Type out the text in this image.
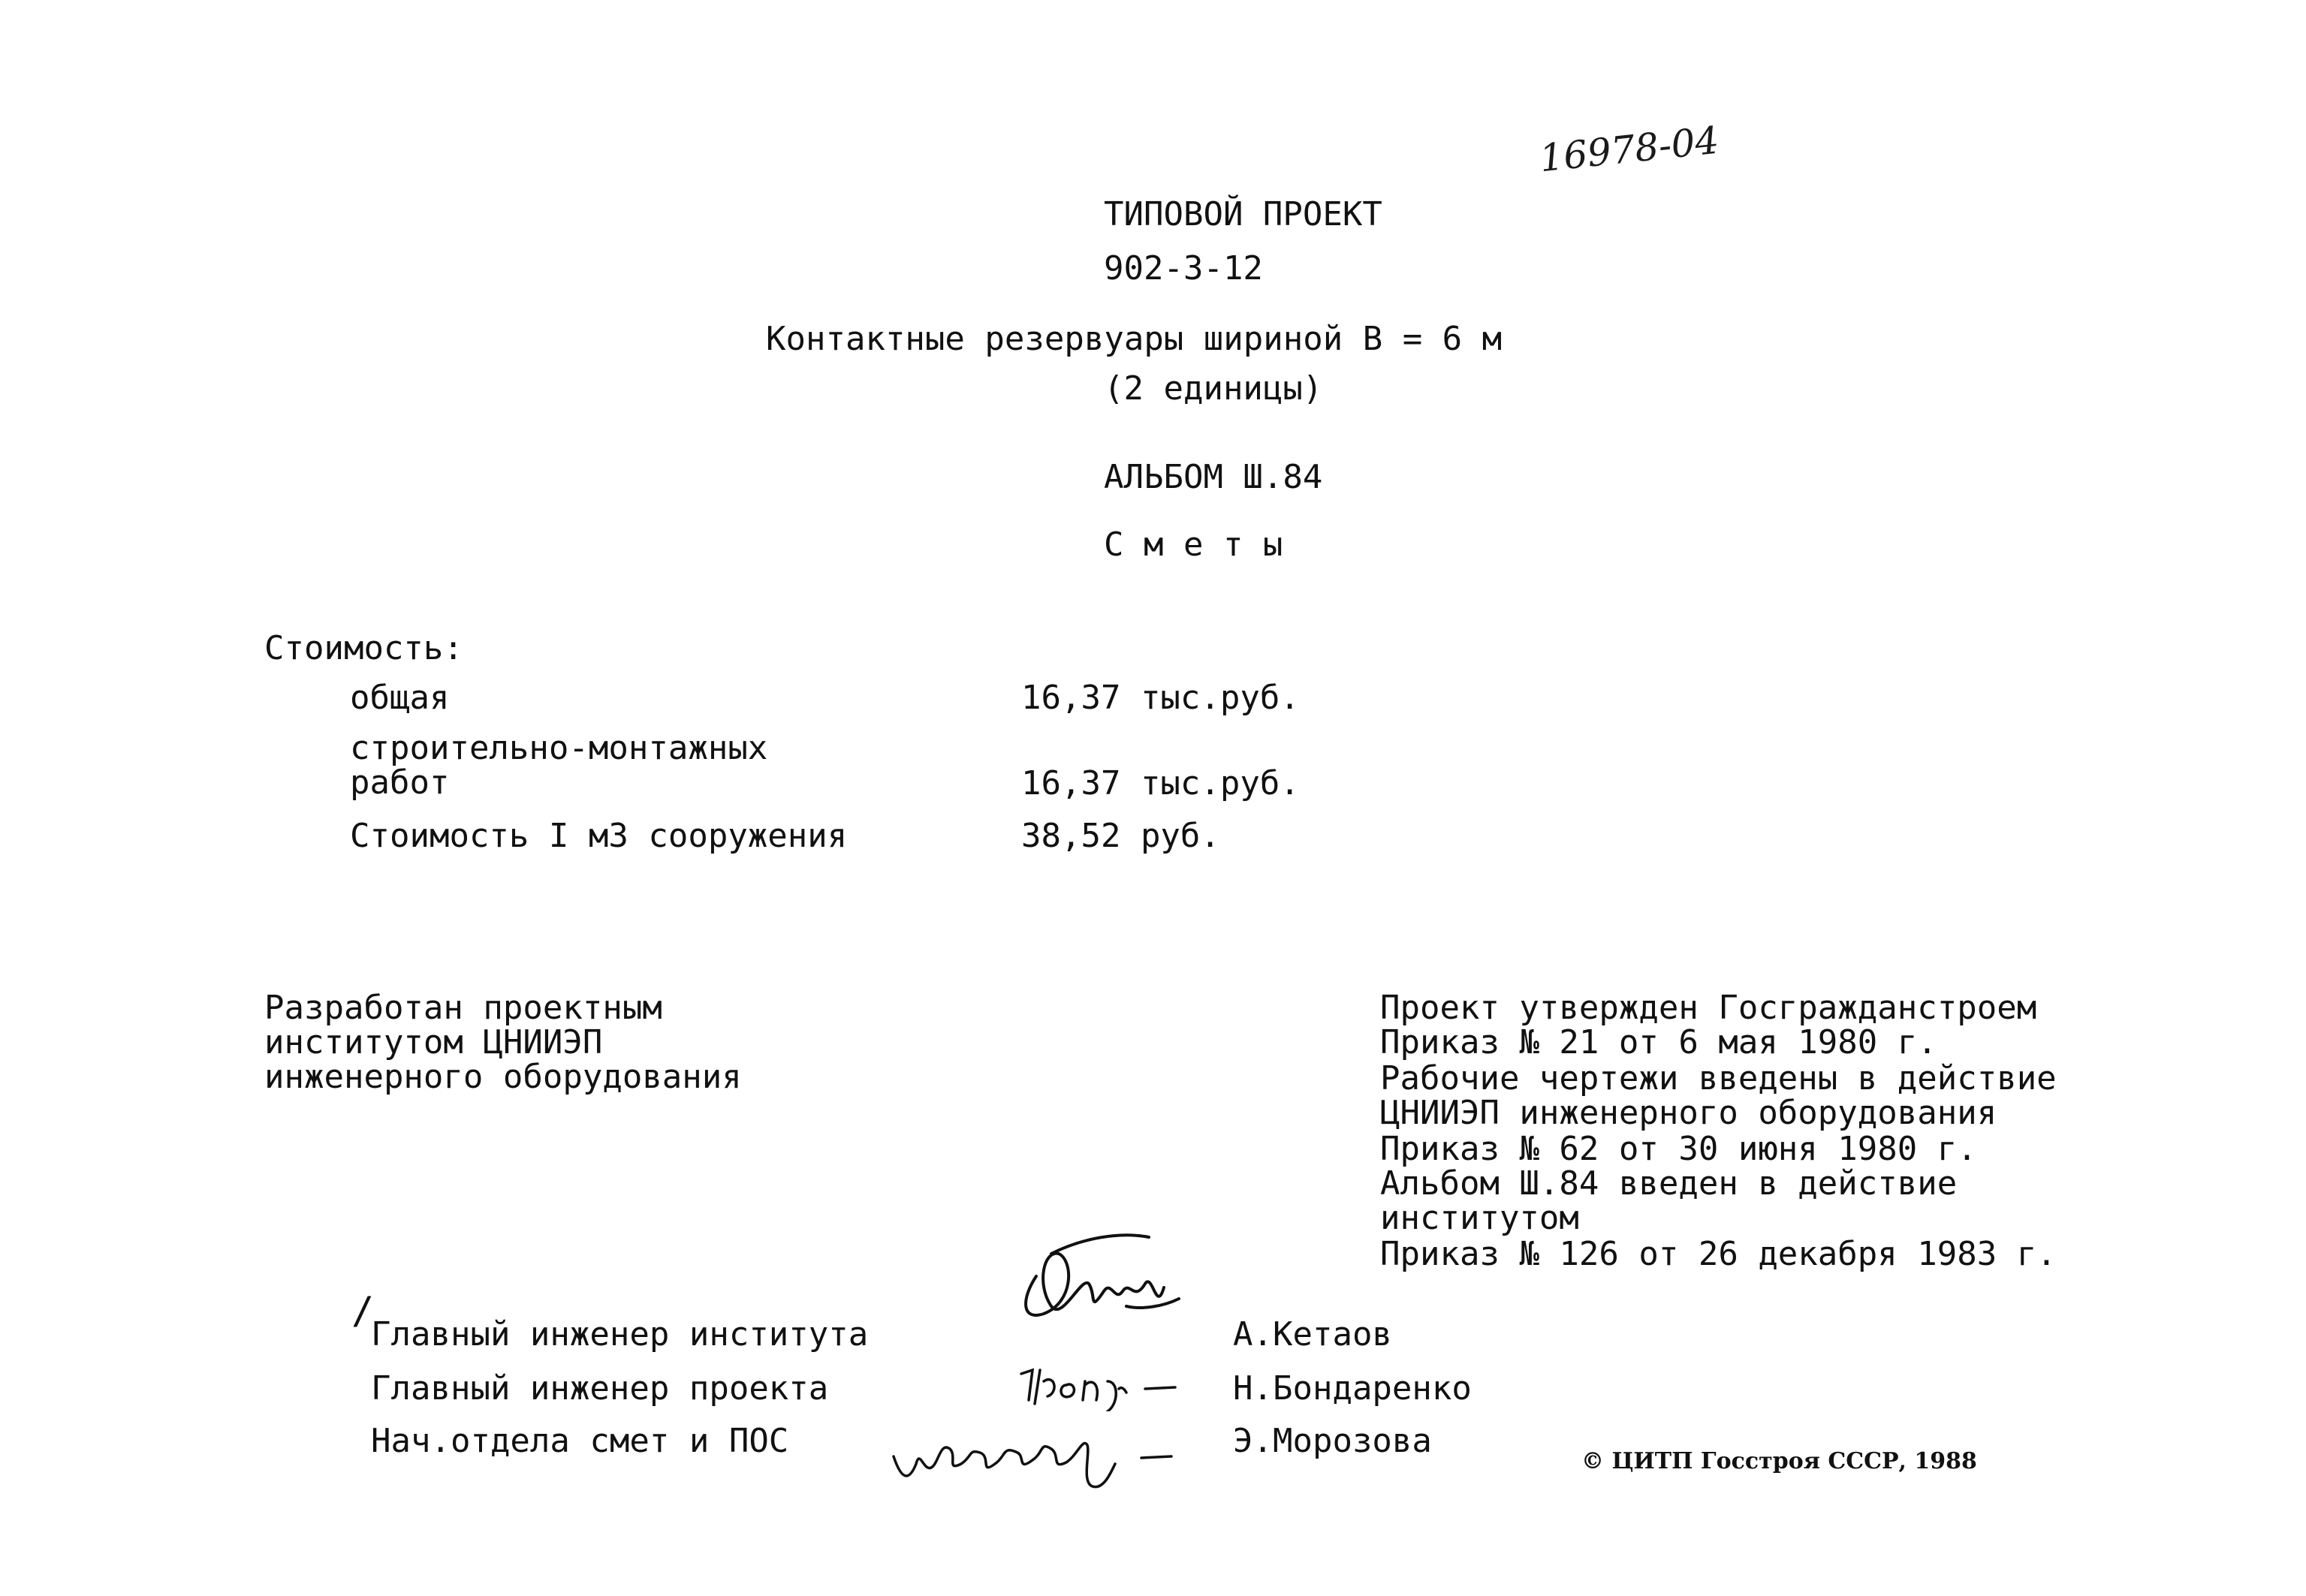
16978-04
ТИПОВОЙ ПРОЕКТ
902-3-12
Контактные резервуары шириной В = 6 м
(2 единицы)
АЛЬБОМ Ш.84
С м е т ы
Стоимость:
общая	16,37 тыс.руб.
строительно-монтажных
работ	16,37 тыс.руб.
Стоимость I м3 сооружения	38,52 руб.
Разработан проектным
институтом ЦНИИЭП
инженерного оборудования
Проект утвержден Госгражданстроем
Приказ № 21 от 6 мая 1980 г.
Рабочие чертежи введены в действие
ЦНИИЭП инженерного оборудования
Приказ № 62 от 30 июня 1980 г.
Альбом Ш.84 введен в действие
институтом
Приказ № 126 от 26 декабря 1983 г.
/
Главный инженер института	А.Кетаов
Главный инженер проекта	Н.Бондаренко
Нач.отдела смет и ПОС	Э.Морозова
© ЦИТП Госстроя СССР, 1988
